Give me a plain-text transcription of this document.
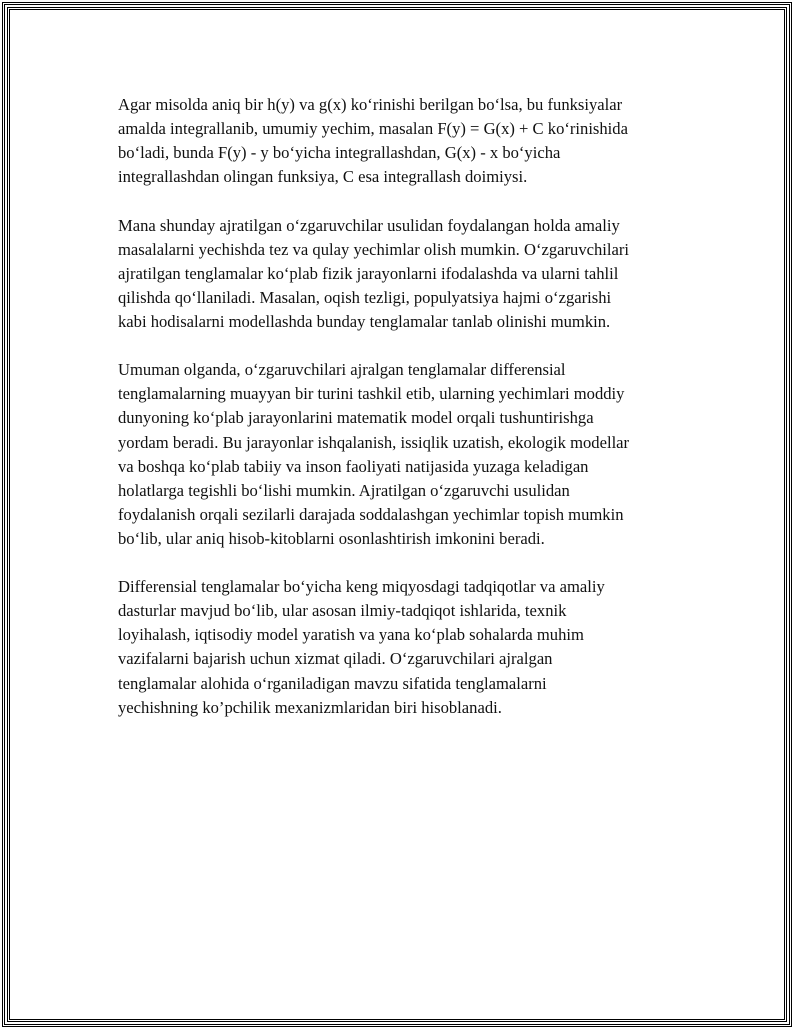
Agar misolda aniq bir h(y) va g(x) ko‘rinishi berilgan bo‘lsa, bu funksiyalar
amalda integrallanib, umumiy yechim, masalan F(y) = G(x) + C ko‘rinishida
bo‘ladi, bunda F(y) - y bo‘yicha integrallashdan, G(x) - x bo‘yicha
integrallashdan olingan funksiya, C esa integrallash doimiysi.

Mana shunday ajratilgan o‘zgaruvchilar usulidan foydalangan holda amaliy
masalalarni yechishda tez va qulay yechimlar olish mumkin. O‘zgaruvchilari
ajratilgan tenglamalar ko‘plab fizik jarayonlarni ifodalashda va ularni tahlil
qilishda qo‘llaniladi. Masalan, oqish tezligi, populyatsiya hajmi o‘zgarishi
kabi hodisalarni modellashda bunday tenglamalar tanlab olinishi mumkin.

Umuman olganda, o‘zgaruvchilari ajralgan tenglamalar differensial
tenglamalarning muayyan bir turini tashkil etib, ularning yechimlari moddiy
dunyoning ko‘plab jarayonlarini matematik model orqali tushuntirishga
yordam beradi. Bu jarayonlar ishqalanish, issiqlik uzatish, ekologik modellar
va boshqa ko‘plab tabiiy va inson faoliyati natijasida yuzaga keladigan
holatlarga tegishli bo‘lishi mumkin. Ajratilgan o‘zgaruvchi usulidan
foydalanish orqali sezilarli darajada soddalashgan yechimlar topish mumkin
bo‘lib, ular aniq hisob-kitoblarni osonlashtirish imkonini beradi.

Differensial tenglamalar bo‘yicha keng miqyosdagi tadqiqotlar va amaliy
dasturlar mavjud bo‘lib, ular asosan ilmiy-tadqiqot ishlarida, texnik
loyihalash, iqtisodiy model yaratish va yana ko‘plab sohalarda muhim
vazifalarni bajarish uchun xizmat qiladi. O‘zgaruvchilari ajralgan
tenglamalar alohida o‘rganiladigan mavzu sifatida tenglamalarni
yechishning ko’pchilik mexanizmlaridan biri hisoblanadi.
